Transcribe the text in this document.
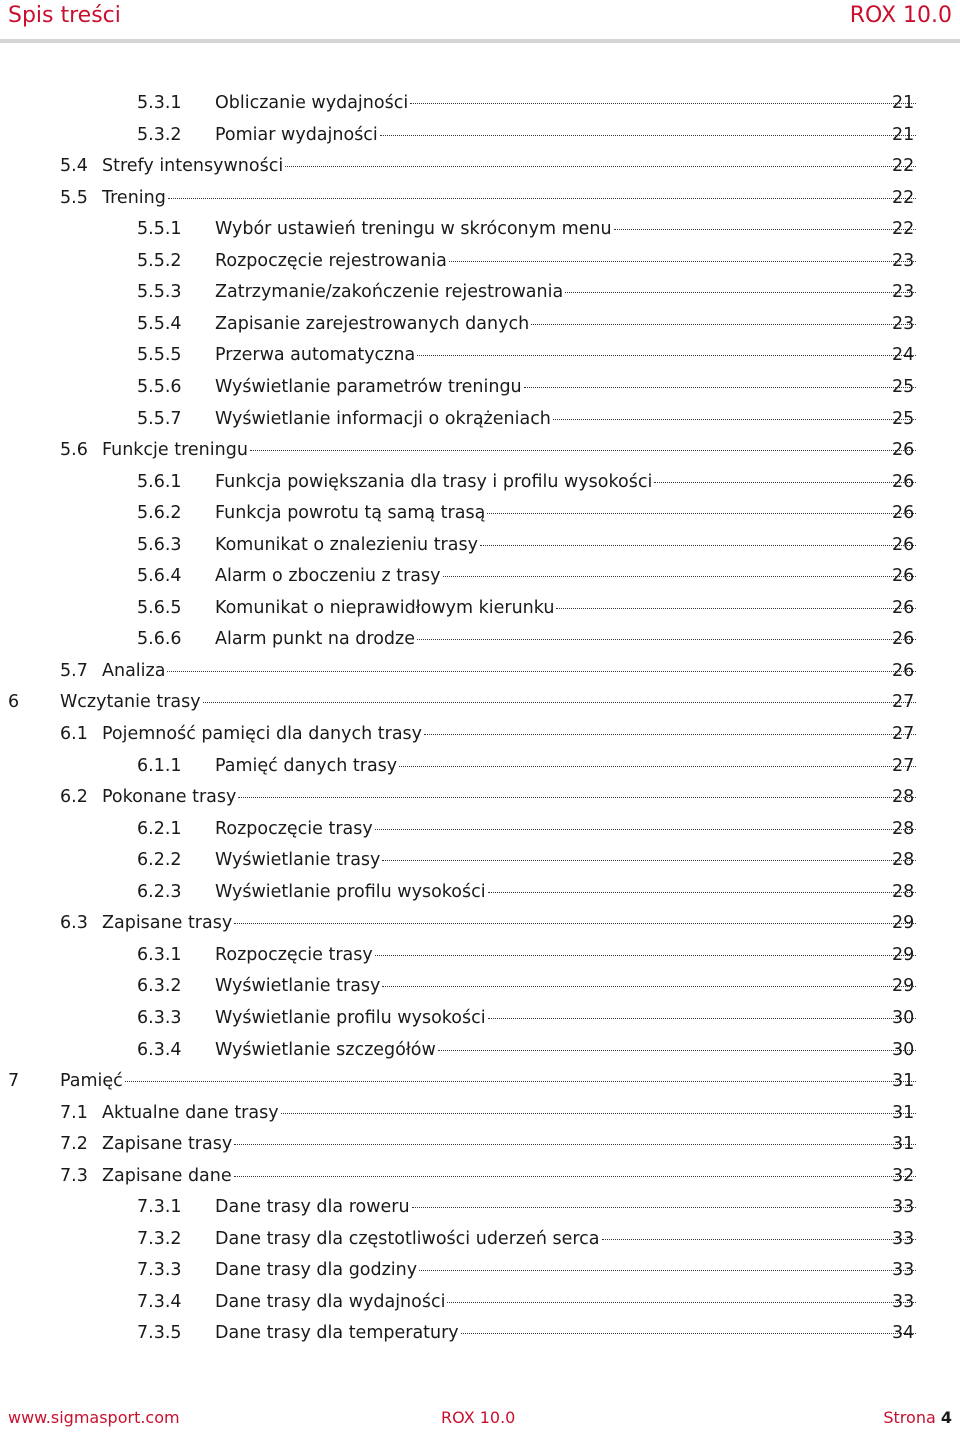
Spis treści	ROX 10.0
5.3.1 Obliczanie wydajności	21
5.3.2 Pomiar wydajności	21
5.4 Strefy intensywności	22
5.5 Trening	22
5.5.1 Wybór ustawień treningu w skróconym menu	22
5.5.2 Rozpoczęcie rejestrowania	23
5.5.3 Zatrzymanie/zakończenie rejestrowania	23
5.5.4 Zapisanie zarejestrowanych danych	23
5.5.5 Przerwa automatyczna	24
5.5.6 Wyświetlanie parametrów treningu	25
5.5.7 Wyświetlanie informacji o okrążeniach	25
5.6 Funkcje treningu	26
5.6.1 Funkcja powiększania dla trasy i profilu wysokości	26
5.6.2 Funkcja powrotu tą samą trasą	26
5.6.3 Komunikat o znalezieniu trasy	26
5.6.4 Alarm o zboczeniu z trasy	26
5.6.5 Komunikat o nieprawidłowym kierunku	26
5.6.6 Alarm punkt na drodze	26
5.7 Analiza	26
6 Wczytanie trasy	27
6.1 Pojemność pamięci dla danych trasy	27
6.1.1 Pamięć danych trasy	27
6.2 Pokonane trasy	28
6.2.1 Rozpoczęcie trasy	28
6.2.2 Wyświetlanie trasy	28
6.2.3 Wyświetlanie profilu wysokości	28
6.3 Zapisane trasy	29
6.3.1 Rozpoczęcie trasy	29
6.3.2 Wyświetlanie trasy	29
6.3.3 Wyświetlanie profilu wysokości	30
6.3.4 Wyświetlanie szczegółów	30
7 Pamięć	31
7.1 Aktualne dane trasy	31
7.2 Zapisane trasy	31
7.3 Zapisane dane	32
7.3.1 Dane trasy dla roweru	33
7.3.2 Dane trasy dla częstotliwości uderzeń serca	33
7.3.3 Dane trasy dla godziny	33
7.3.4 Dane trasy dla wydajności	33
7.3.5 Dane trasy dla temperatury	34
www.sigmasport.com	ROX 10.0	Strona 4
